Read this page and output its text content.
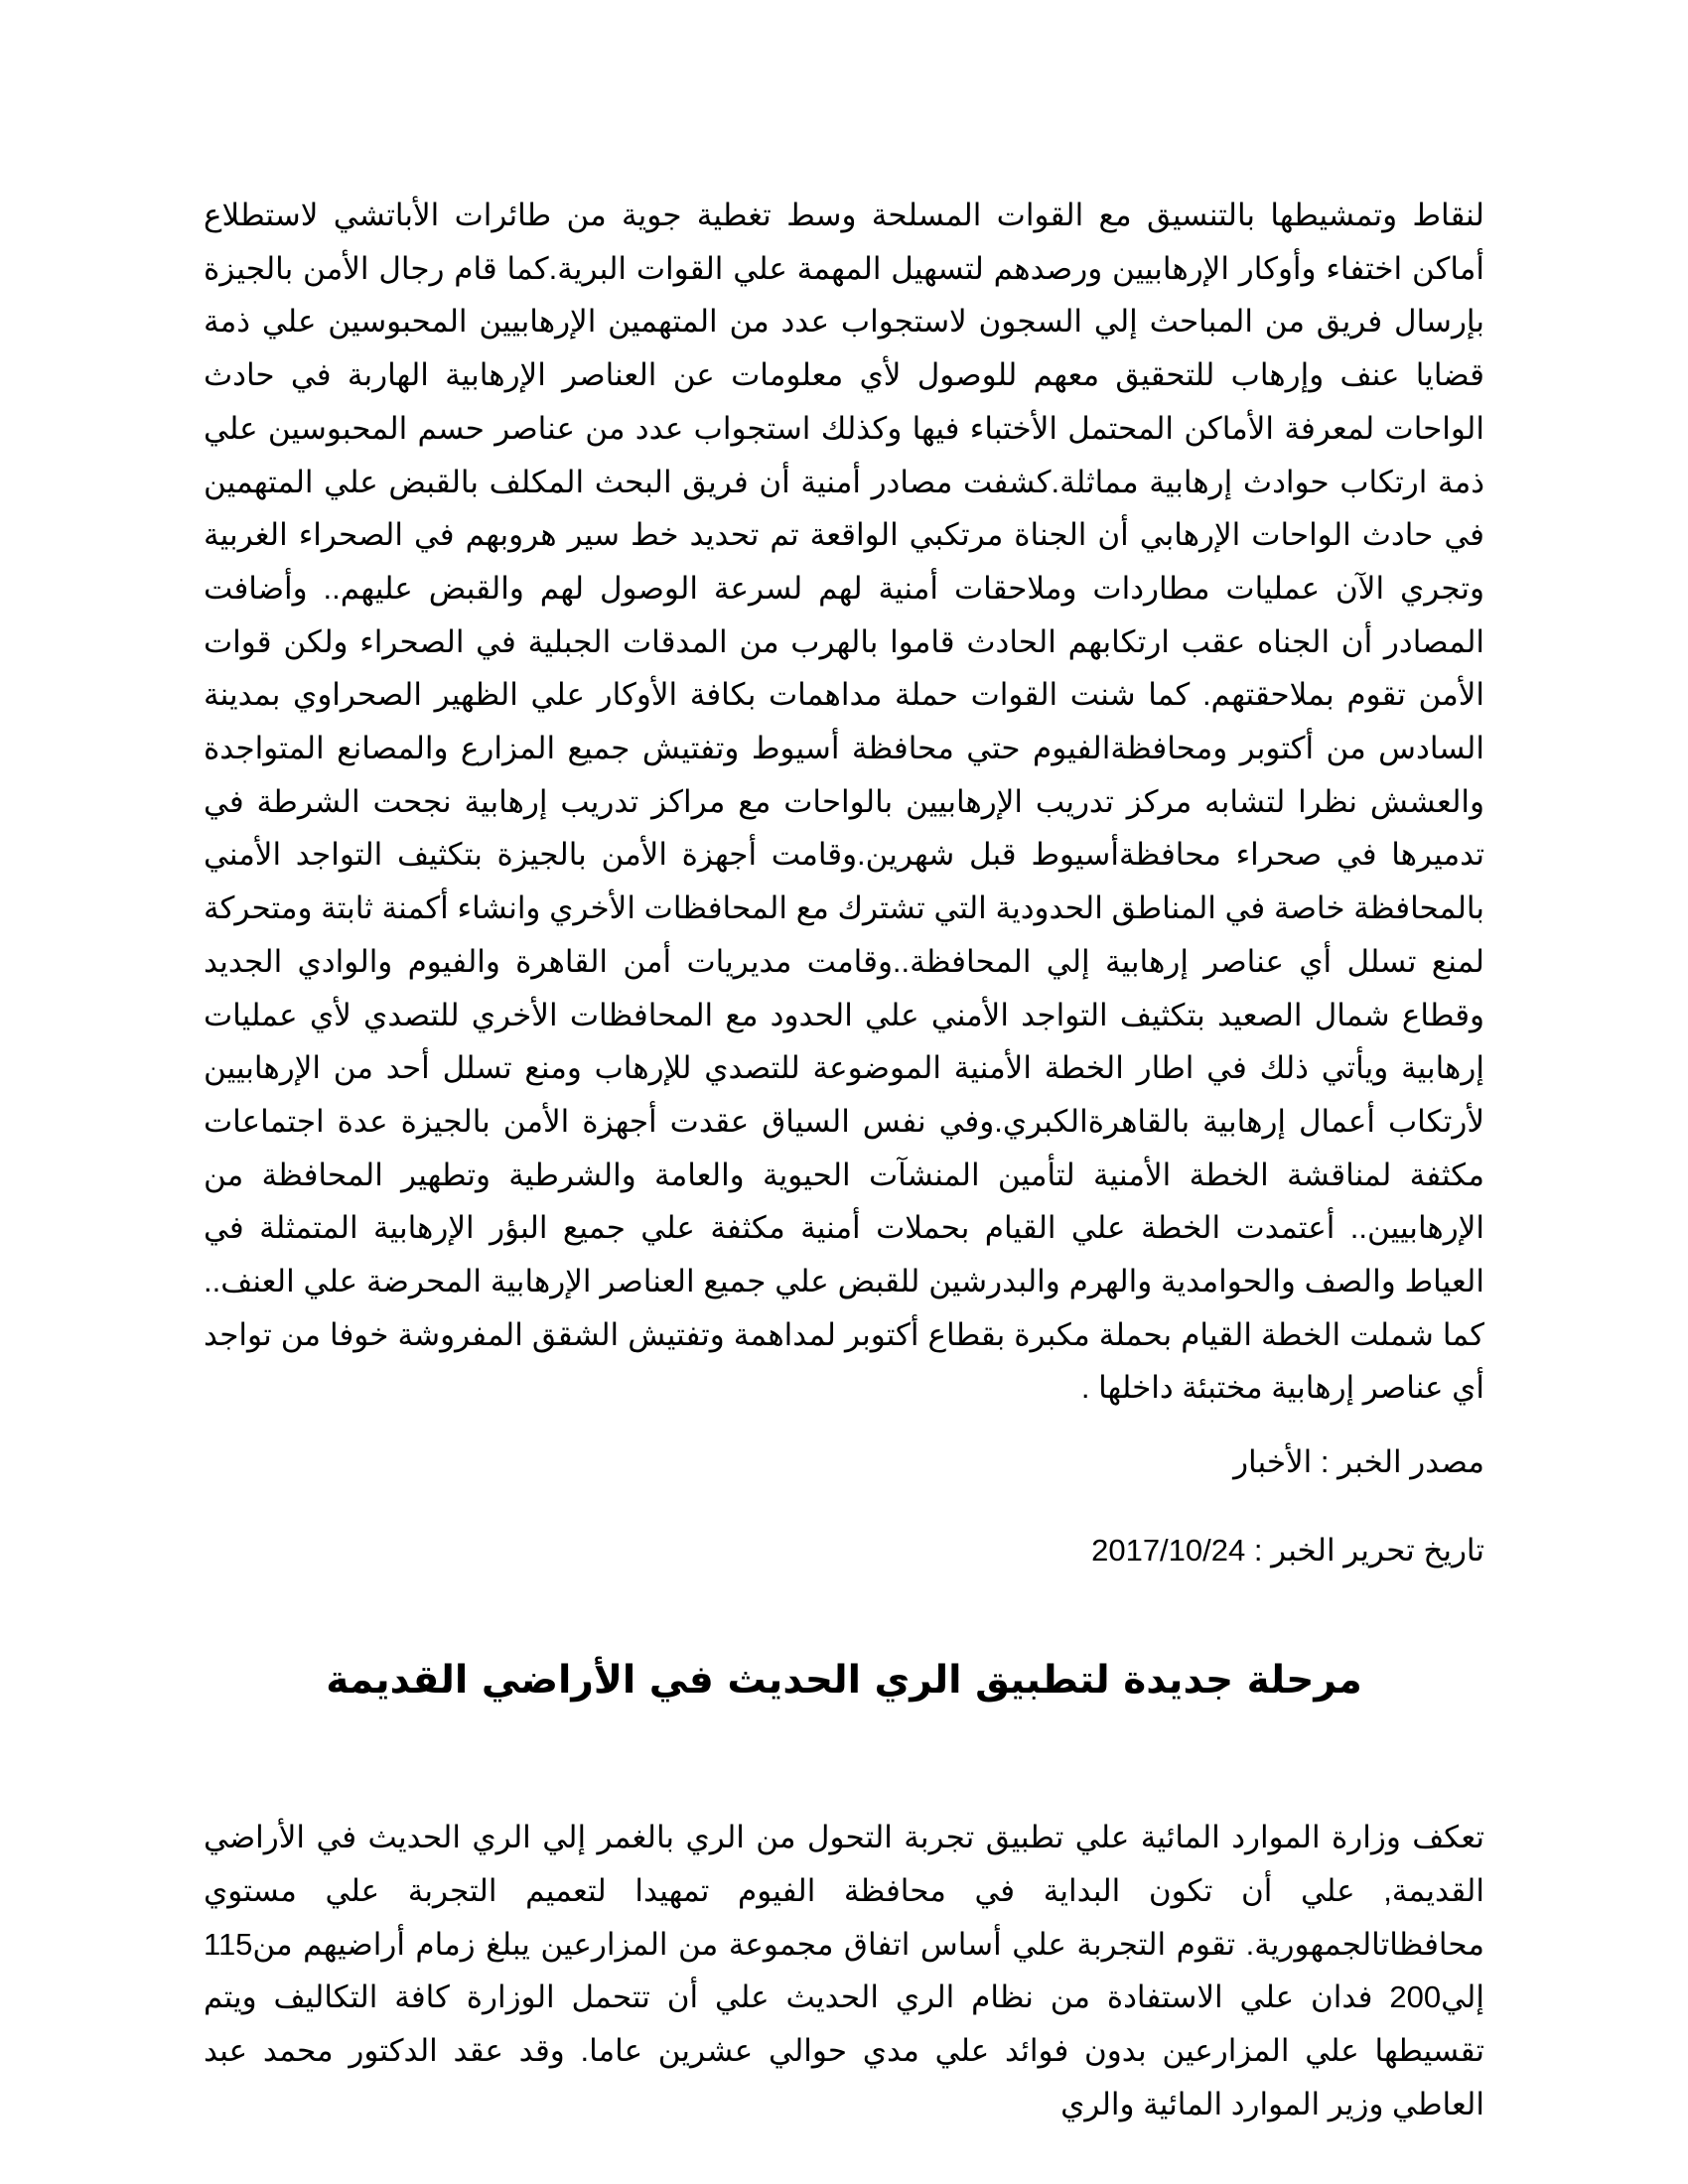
لنقاط وتمشيطها بالتنسيق مع القوات المسلحة وسط تغطية جوية من طائرات الأباتشي لاستطلاع أماكن اختفاء وأوكار الإرهابيين ورصدهم لتسهيل المهمة علي القوات البرية.كما قام رجال الأمن بالجيزة بإرسال فريق من المباحث إلي السجون لاستجواب عدد من المتهمين الإرهابيين المحبوسين علي ذمة قضايا عنف وإرهاب للتحقيق معهم للوصول لأي معلومات عن العناصر الإرهابية الهاربة في حادث الواحات لمعرفة الأماكن المحتمل الأختباء فيها وكذلك استجواب عدد من عناصر حسم المحبوسين علي ذمة ارتكاب حوادث إرهابية مماثلة.كشفت مصادر أمنية أن فريق البحث المكلف بالقبض علي المتهمين في حادث الواحات الإرهابي أن الجناة مرتكبي الواقعة تم تحديد خط سير هروبهم في الصحراء الغربية وتجري الآن عمليات مطاردات وملاحقات أمنية لهم لسرعة الوصول لهم والقبض عليهم.. وأضافت المصادر أن الجناه عقب ارتكابهم الحادث قاموا بالهرب من المدقات الجبلية في الصحراء ولكن قوات الأمن تقوم بملاحقتهم. كما شنت القوات حملة مداهمات بكافة الأوكار علي الظهير الصحراوي بمدينة السادس من أكتوبر ومحافظةالفيوم حتي محافظة أسيوط وتفتيش جميع المزارع والمصانع المتواجدة والعشش نظرا لتشابه مركز تدريب الإرهابيين بالواحات مع مراكز تدريب إرهابية نجحت الشرطة في تدميرها في صحراء محافظةأسيوط قبل شهرين.وقامت أجهزة الأمن بالجيزة بتكثيف التواجد الأمني بالمحافظة خاصة في المناطق الحدودية التي تشترك مع المحافظات الأخري وانشاء أكمنة ثابتة ومتحركة لمنع تسلل أي عناصر إرهابية إلي المحافظة..وقامت مديريات أمن القاهرة والفيوم والوادي الجديد وقطاع شمال الصعيد بتكثيف التواجد الأمني علي الحدود مع المحافظات الأخري للتصدي لأي عمليات إرهابية ويأتي ذلك في اطار الخطة الأمنية الموضوعة للتصدي للإرهاب ومنع تسلل أحد من الإرهابيين لأرتكاب أعمال إرهابية بالقاهرةالكبري.وفي نفس السياق عقدت أجهزة الأمن بالجيزة عدة اجتماعات مكثفة لمناقشة الخطة الأمنية لتأمين المنشآت الحيوية والعامة والشرطية وتطهير المحافظة من الإرهابيين.. أعتمدت الخطة علي القيام بحملات أمنية مكثفة علي جميع البؤر الإرهابية المتمثلة في العياط والصف والحوامدية والهرم والبدرشين للقبض علي جميع العناصر الإرهابية المحرضة علي العنف.. كما شملت الخطة القيام بحملة مكبرة بقطاع أكتوبر لمداهمة وتفتيش الشقق المفروشة خوفا من تواجد أي عناصر إرهابية مختبئة داخلها .

مصدر الخبر : الأخبار

تاريخ تحرير الخبر : 2017/10/24

مرحلة جديدة لتطبيق الري الحديث في الأراضي القديمة

تعكف وزارة الموارد المائية علي تطبيق تجربة التحول من الري بالغمر إلي الري الحديث في الأراضي القديمة, علي أن تكون البداية في محافظة الفيوم تمهيدا لتعميم التجربة علي مستوي محافظاتالجمهورية. تقوم التجربة علي أساس اتفاق مجموعة من المزارعين يبلغ زمام أراضيهم من115 إلي200 فدان علي الاستفادة من نظام الري الحديث علي أن تتحمل الوزارة كافة التكاليف ويتم تقسيطها علي المزارعين بدون فوائد علي مدي حوالي عشرين عاما. وقد عقد الدكتور محمد عبد العاطي وزير الموارد المائية والري
